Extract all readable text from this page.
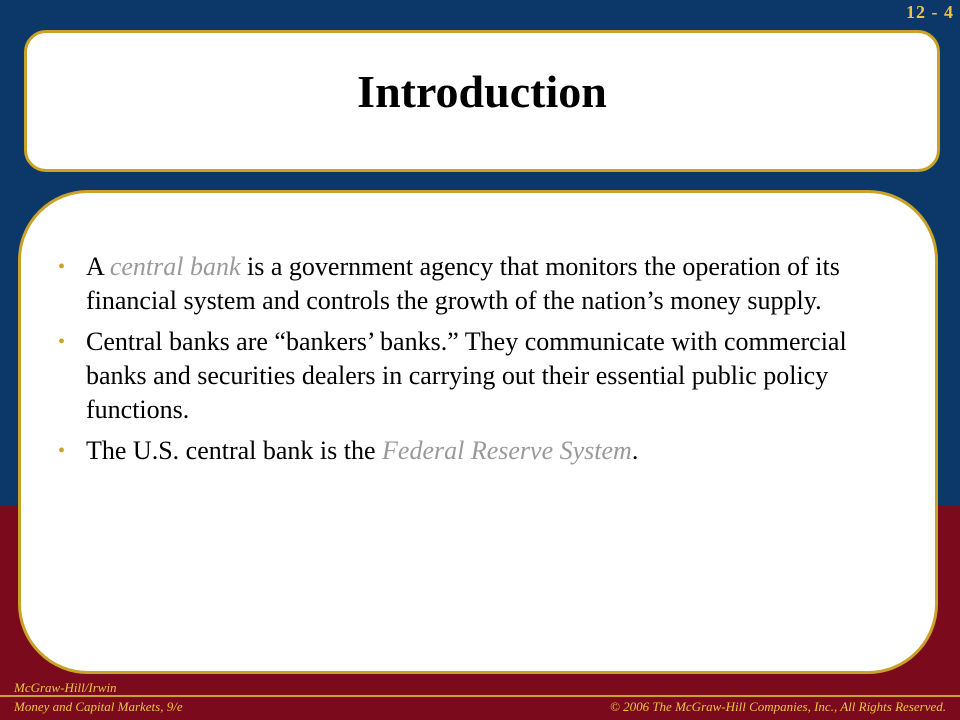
12 - 4
Introduction
• A central bank is a government agency that monitors the operation of its financial system and controls the growth of the nation’s money supply.
• Central banks are “bankers’ banks.” They communicate with commercial banks and securities dealers in carrying out their essential public policy functions.
• The U.S. central bank is the Federal Reserve System.
McGraw-Hill/Irwin
Money and Capital Markets, 9/e	© 2006 The McGraw-Hill Companies, Inc., All Rights Reserved.
